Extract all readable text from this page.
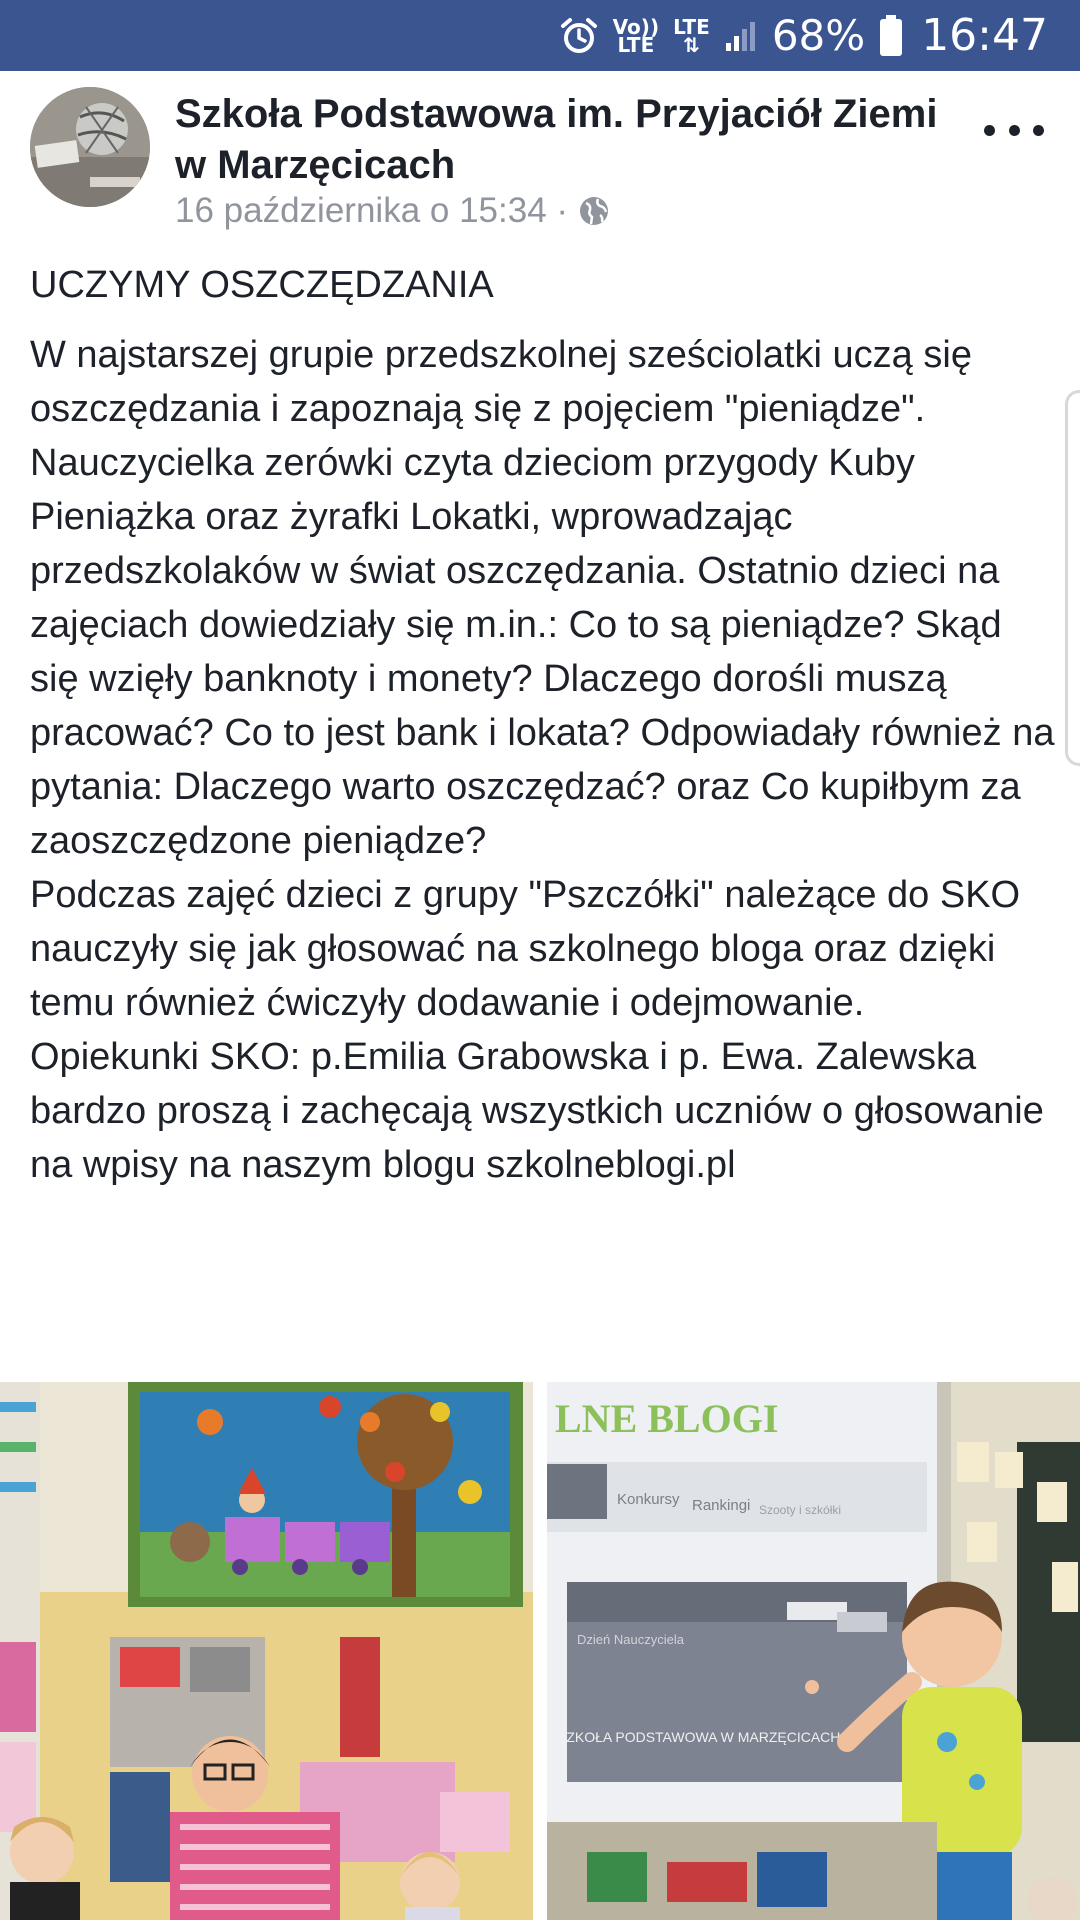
Vo))
LTE
LTE
⇅ 68% 16:47
Szkoła Podstawowa im. Przyjaciół Ziemi w Marzęcicach
16 października o 15:34 ·

UCZYMY OSZCZĘDZANIA

W najstarszej grupie przedszkolnej sześciolatki uczą się oszczędzania i zapoznają się z pojęciem "pieniądze". Nauczycielka zerówki czyta dzieciom przygody Kuby Pieniążka oraz żyrafki Lokatki, wprowadzając przedszkolaków w świat oszczędzania. Ostatnio dzieci na zajęciach dowiedziały się m.in.: Co to są pieniądze? Skąd się wzięły banknoty i monety? Dlaczego dorośli muszą pracować? Co to jest bank i lokata? Odpowiadały również na pytania: Dlaczego warto oszczędzać? oraz Co kupiłbym za zaoszczędzone pieniądze?

Podczas zajęć dzieci z grupy "Pszczółki" należące do SKO nauczyły się jak głosować na szkolnego bloga oraz dzięki temu również ćwiczyły dodawanie i odejmowanie.

Opiekunki SKO: p.Emilia Grabowska i p. Ewa. Zalewska bardzo proszą i zachęcają wszystkich uczniów o głosowanie na wpisy na naszym blogu szkolneblogi.pl

LNE BLOGI
Konkursy Rankingi Szooty i szkółki
Dzień Nauczyciela
SZKOŁA PODSTAWOWA W MARZĘCICACH
